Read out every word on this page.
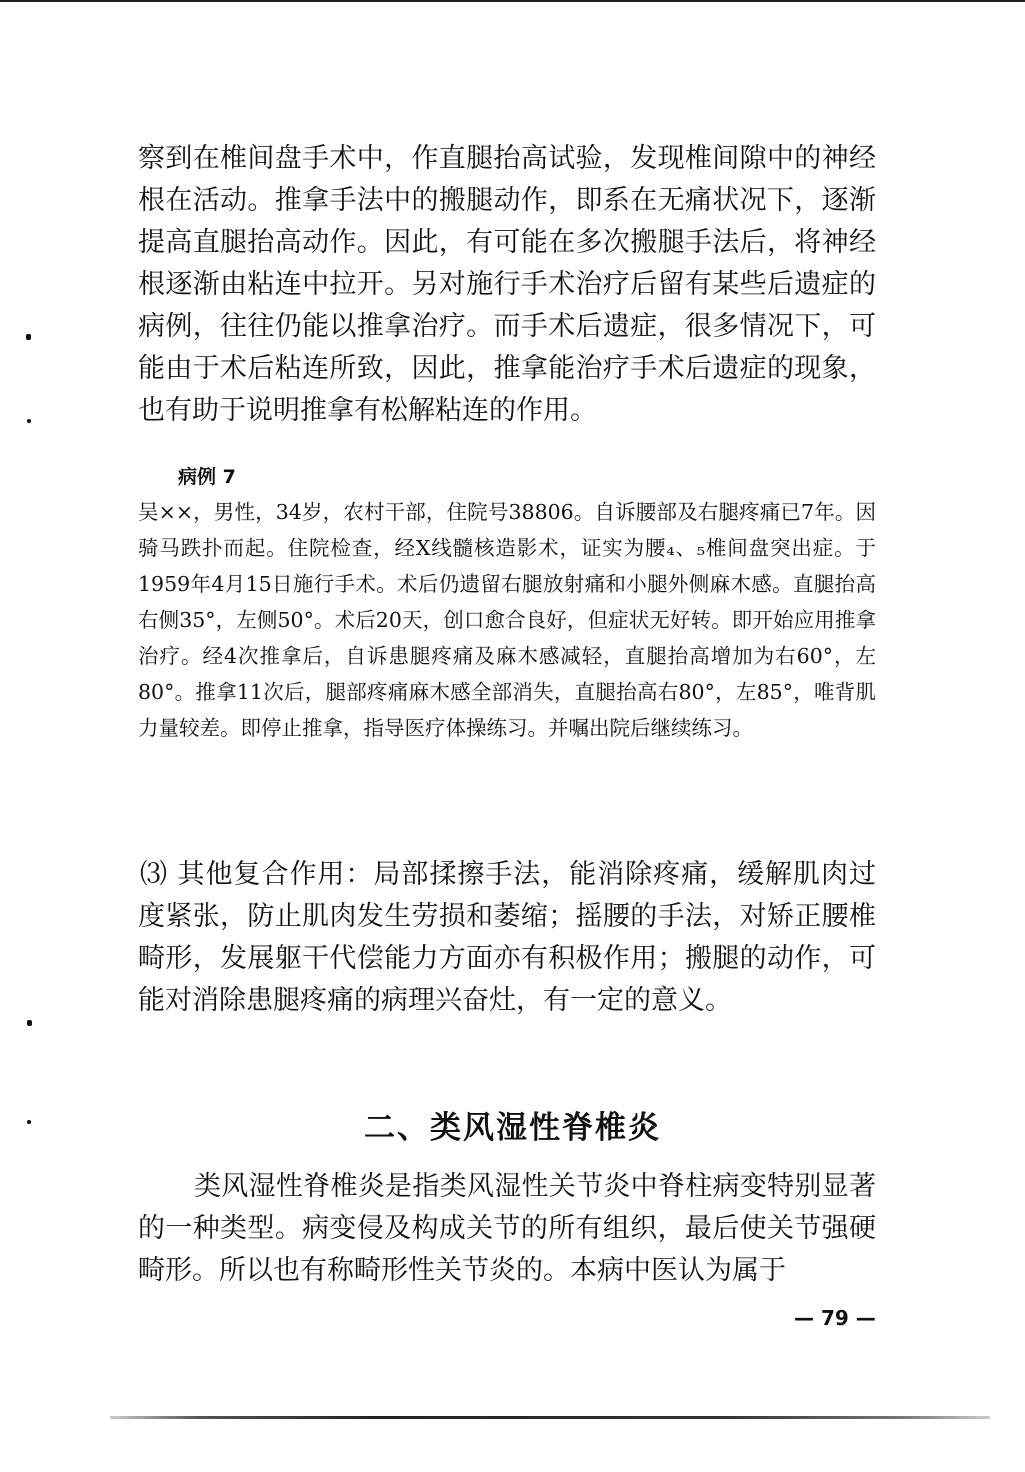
察到在椎间盘手术中，作直腿抬高试验，发现椎间隙中的神经根在活动。推拿手法中的搬腿动作，即系在无痛状况下，逐渐提高直腿抬高动作。因此，有可能在多次搬腿手法后，将神经根逐渐由粘连中拉开。另对施行手术治疗后留有某些后遗症的病例，往往仍能以推拿治疗。而手术后遗症，很多情况下，可能由于术后粘连所致，因此，推拿能治疗手术后遗症的现象，也有助于说明推拿有松解粘连的作用。

病例 7

吴××，男性，34岁，农村干部，住院号38806。自诉腰部及右腿疼痛已7年。因骑马跌扑而起。住院检查，经X线髓核造影术，证实为腰₄、₅椎间盘突出症。于1959年4月15日施行手术。术后仍遗留右腿放射痛和小腿外侧麻木感。直腿抬高右侧35°，左侧50°。术后20天，创口愈合良好，但症状无好转。即开始应用推拿治疗。经4次推拿后，自诉患腿疼痛及麻木感减轻，直腿抬高增加为右60°，左80°。推拿11次后，腿部疼痛麻木感全部消失，直腿抬高右80°，左85°，唯背肌力量较差。即停止推拿，指导医疗体操练习。并嘱出院后继续练习。

⑶ 其他复合作用：局部揉擦手法，能消除疼痛，缓解肌肉过度紧张，防止肌肉发生劳损和萎缩；摇腰的手法，对矫正腰椎畸形，发展躯干代偿能力方面亦有积极作用；搬腿的动作，可能对消除患腿疼痛的病理兴奋灶，有一定的意义。

二、类风湿性脊椎炎

类风湿性脊椎炎是指类风湿性关节炎中脊柱病变特别显著的一种类型。病变侵及构成关节的所有组织，最后使关节强硬畸形。所以也有称畸形性关节炎的。本病中医认为属于

— 79 —
